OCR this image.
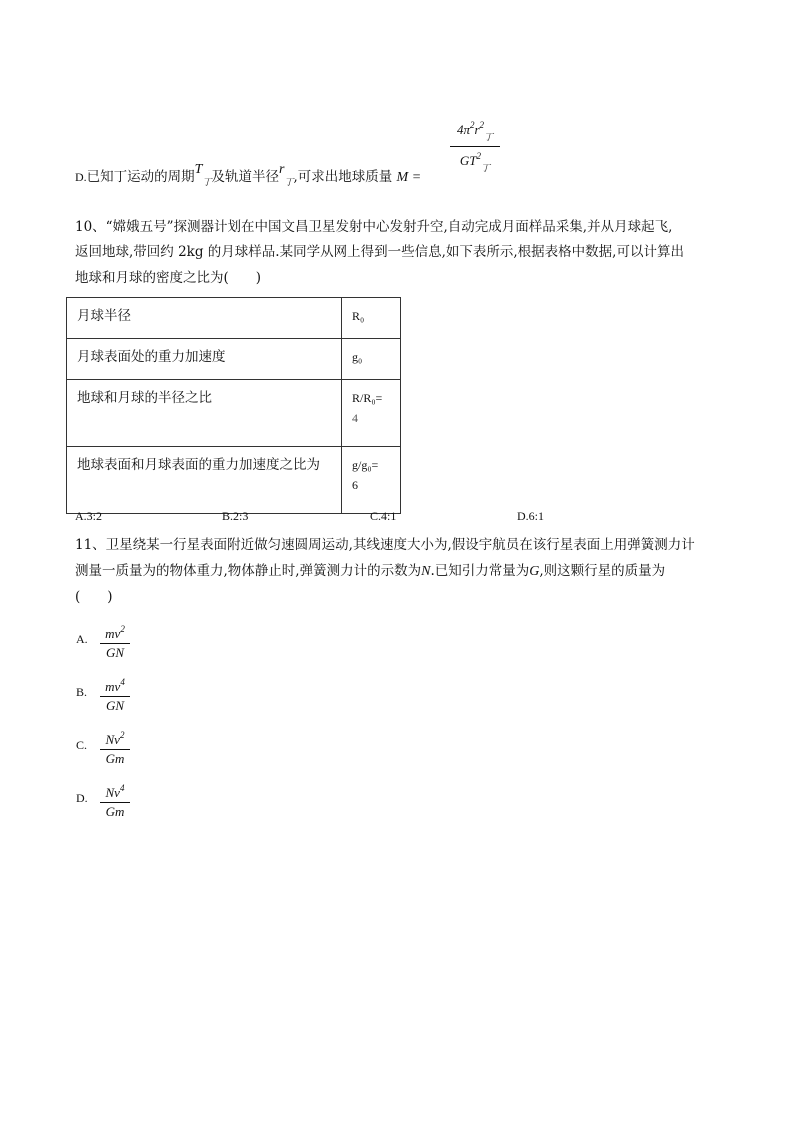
D.已知丁运动的周期$T_丁$及轨道半径$r_丁$,可求出地球质量 M =
$4\pi^2r^2_丁$
$GT^2_丁$
10、“嫦娥五号”探测器计划在中国文昌卫星发射中心发射升空,自动完成月面样品采集,并从月球起飞,
返回地球,带回约 2kg 的月球样品.某同学从网上得到一些信息,如下表所示,根据表格中数据,可以计算出
地球和月球的密度之比为(　　)
月球半径	R₀
月球表面处的重力加速度	g₀
地球和月球的半径之比	R/R₀=
4

地球表面和月球表面的重力加速度之比为	g/g₀=
6
A.3:2	B.2:3	C.4:1	D.6:1
11、卫星绕某一行星表面附近做匀速圆周运动,其线速度大小为,假设宇航员在该行星表面上用弹簧测力计
测量一质量为的物体重力,物体静止时,弹簧测力计的示数为N.已知引力常量为G,则这颗行星的质量为
(　　)
A.	$mv^2$
GN
B.	$mv^4$
GN
C.	Nv$^2$
Gm
D.	Nv$^4$
Gm
